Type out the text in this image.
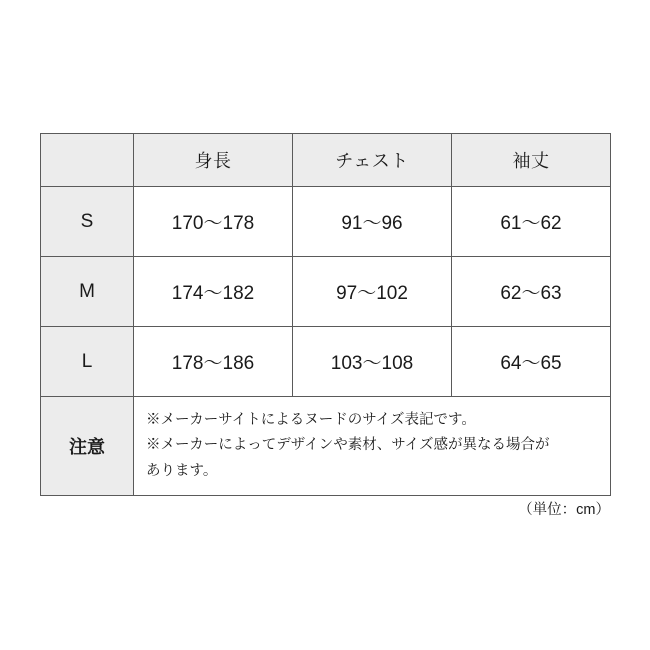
	身長	チェスト	袖丈
S	170〜178	91〜96	61〜62
M	174〜182	97〜102	62〜63
L	178〜186	103〜108	64〜65
注意	※メーカーサイトによるヌードのサイズ表記です。
※メーカーによってデザインや素材、サイズ感が異なる場合が
あります。		
（単位：cm）
